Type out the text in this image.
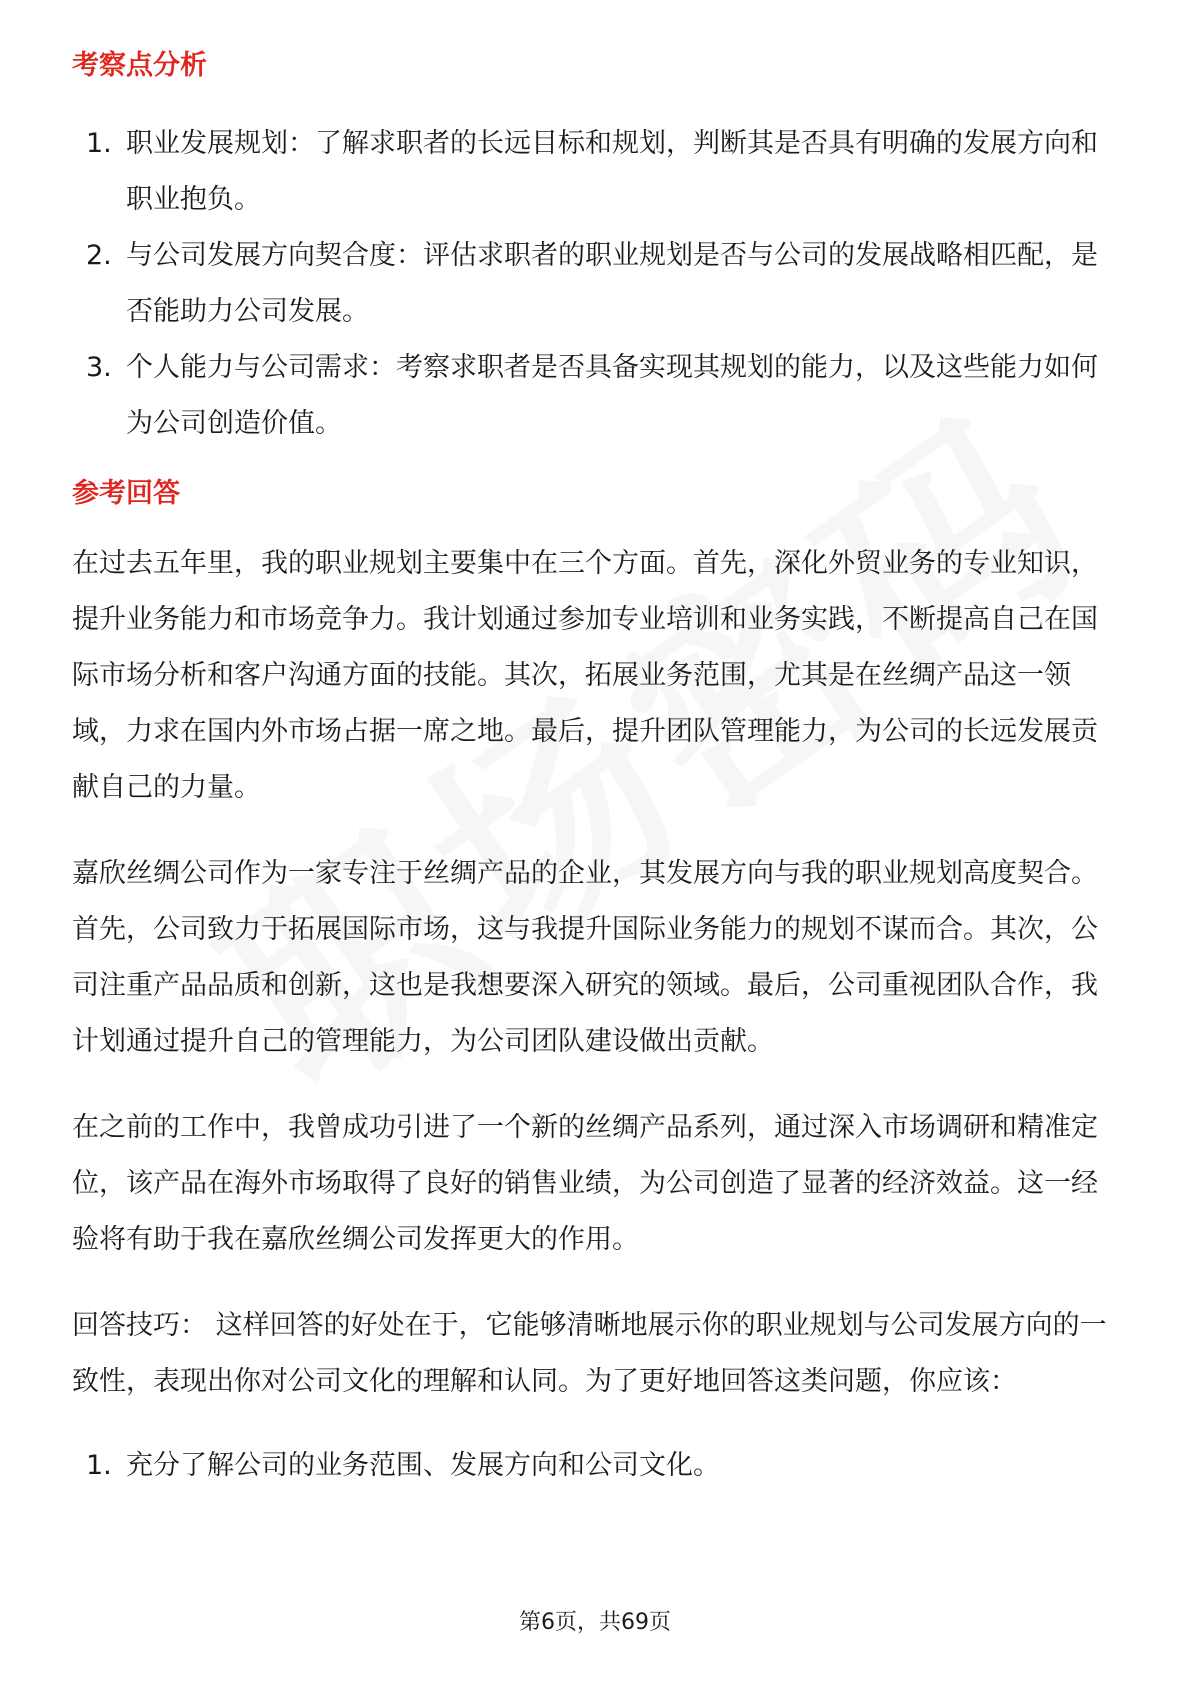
考察点分析
1. 职业发展规划：了解求职者的长远目标和规划，判断其是否具有明确的发展方向和职业抱负。
2. 与公司发展方向契合度：评估求职者的职业规划是否与公司的发展战略相匹配，是否能助力公司发展。
3. 个人能力与公司需求：考察求职者是否具备实现其规划的能力，以及这些能力如何为公司创造价值。
参考回答

在过去五年里，我的职业规划主要集中在三个方面。首先，深化外贸业务的专业知识，提升业务能力和市场竞争力。我计划通过参加专业培训和业务实践，不断提高自己在国际市场分析和客户沟通方面的技能。其次，拓展业务范围，尤其是在丝绸产品这一领域，力求在国内外市场占据一席之地。最后，提升团队管理能力，为公司的长远发展贡献自己的力量。

嘉欣丝绸公司作为一家专注于丝绸产品的企业，其发展方向与我的职业规划高度契合。首先，公司致力于拓展国际市场，这与我提升国际业务能力的规划不谋而合。其次，公司注重产品品质和创新，这也是我想要深入研究的领域。最后，公司重视团队合作，我计划通过提升自己的管理能力，为公司团队建设做出贡献。

在之前的工作中，我曾成功引进了一个新的丝绸产品系列，通过深入市场调研和精准定位，该产品在海外市场取得了良好的销售业绩，为公司创造了显著的经济效益。这一经验将有助于我在嘉欣丝绸公司发挥更大的作用。

回答技巧： 这样回答的好处在于，它能够清晰地展示你的职业规划与公司发展方向的一致性，表现出你对公司文化的理解和认同。为了更好地回答这类问题，你应该：

1. 充分了解公司的业务范围、发展方向和公司文化。
第6页，共69页
